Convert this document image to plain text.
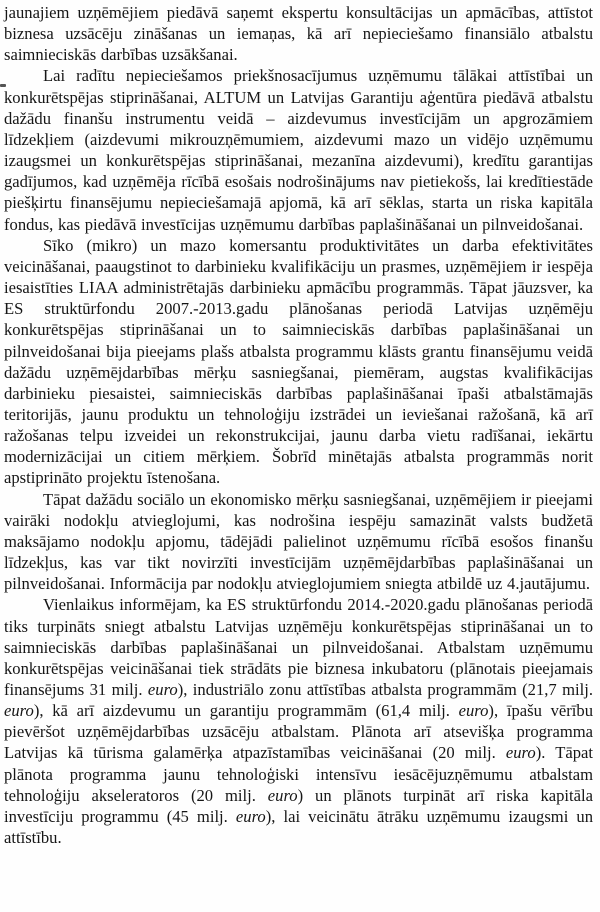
jaunajiem uzņēmējiem piedāvā saņemt ekspertu konsultācijas un apmācības, attīstot biznesa uzsācēju zināšanas un iemaņas, kā arī nepieciešamo finansiālo atbalstu saimnieciskās darbības uzsākšanai.

Lai radītu nepieciešamos priekšnosacījumus uzņēmumu tālākai attīstībai un konkurētspējas stiprināšanai, ALTUM un Latvijas Garantiju aģentūra piedāvā atbalstu dažādu finanšu instrumentu veidā – aizdevumus investīcijām un apgrozāmiem līdzekļiem (aizdevumi mikrouzņēmumiem, aizdevumi mazo un vidējo uzņēmumu izaugsmei un konkurētspējas stiprināšanai, mezanīna aizdevumi), kredītu garantijas gadījumos, kad uzņēmēja rīcībā esošais nodrošinājums nav pietiekošs, lai kredītiestāde piešķirtu finansējumu nepieciešamajā apjomā, kā arī sēklas, starta un riska kapitāla fondus, kas piedāvā investīcijas uzņēmumu darbības paplašināšanai un pilnveidošanai.

Sīko (mikro) un mazo komersantu produktivitātes un darba efektivitātes veicināšanai, paaugstinot to darbinieku kvalifikāciju un prasmes, uzņēmējiem ir iespēja iesaistīties LIAA administrētajās darbinieku apmācību programmās. Tāpat jāuzsver, ka ES struktūrfondu 2007.-2013.gadu plānošanas periodā Latvijas uzņēmēju konkurētspējas stiprināšanai un to saimnieciskās darbības paplašināšanai un pilnveidošanai bija pieejams plašs atbalsta programmu klāsts grantu finansējumu veidā dažādu uzņēmējdarbības mērķu sasniegšanai, piemēram, augstas kvalifikācijas darbinieku piesaistei, saimnieciskās darbības paplašināšanai īpaši atbalstāmajās teritorijās, jaunu produktu un tehnoloģiju izstrādei un ieviešanai ražošanā, kā arī ražošanas telpu izveidei un rekonstrukcijai, jaunu darba vietu radīšanai, iekārtu modernizācijai un citiem mērķiem. Šobrīd minētajās atbalsta programmās norit apstiprināto projektu īstenošana.

Tāpat dažādu sociālo un ekonomisko mērķu sasniegšanai, uzņēmējiem ir pieejami vairāki nodokļu atvieglojumi, kas nodrošina iespēju samazināt valsts budžetā maksājamo nodokļu apjomu, tādējādi palielinot uzņēmumu rīcībā esošos finanšu līdzekļus, kas var tikt novirzīti investīcijām uzņēmējdarbības paplašināšanai un pilnveidošanai. Informācija par nodokļu atvieglojumiem sniegta atbildē uz 4.jautājumu.

Vienlaikus informējam, ka ES struktūrfondu 2014.-2020.gadu plānošanas periodā tiks turpināts sniegt atbalstu Latvijas uzņēmēju konkurētspējas stiprināšanai un to saimnieciskās darbības paplašināšanai un pilnveidošanai. Atbalstam uzņēmumu konkurētspējas veicināšanai tiek strādāts pie biznesa inkubatoru (plānotais pieejamais finansējums 31 milj. euro), industriālo zonu attīstības atbalsta programmām (21,7 milj. euro), kā arī aizdevumu un garantiju programmām (61,4 milj. euro), īpašu vērību pievēršot uzņēmējdarbības uzsācēju atbalstam. Plānota arī atsevišķa programma Latvijas kā tūrisma galamērķa atpazīstamības veicināšanai (20 milj. euro). Tāpat plānota programma jaunu tehnoloģiski intensīvu iesācējuzņēmumu atbalstam tehnoloģiju akseleratoros (20 milj. euro) un plānots turpināt arī riska kapitāla investīciju programmu (45 milj. euro), lai veicinātu ātrāku uzņēmumu izaugsmi un attīstību.
